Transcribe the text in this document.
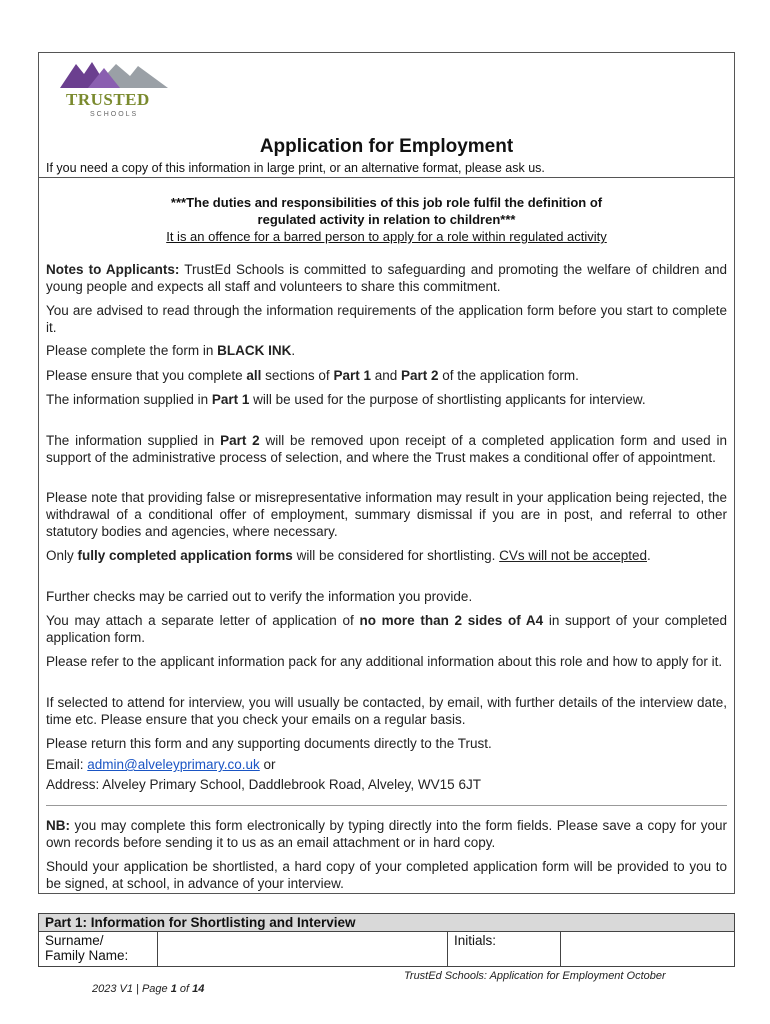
TRUSTED
SCHOOLS
Application for Employment
If you need a copy of this information in large print, or an alternative format, please ask us.
***The duties and responsibilities of this job role fulfil the definition of
regulated activity in relation to children***
It is an offence for a barred person to apply for a role within regulated activity
Notes to Applicants: TrustEd Schools is committed to safeguarding and promoting the welfare of children and young people and expects all staff and volunteers to share this commitment.
You are advised to read through the information requirements of the application form before you start to complete it.
Please complete the form in BLACK INK.
Please ensure that you complete all sections of Part 1 and Part 2 of the application form.
The information supplied in Part 1 will be used for the purpose of shortlisting applicants for interview.
The information supplied in Part 2 will be removed upon receipt of a completed application form and used in support of the administrative process of selection, and where the Trust makes a conditional offer of appointment.
Please note that providing false or misrepresentative information may result in your application being rejected, the withdrawal of a conditional offer of employment, summary dismissal if you are in post, and referral to other statutory bodies and agencies, where necessary.
Only fully completed application forms will be considered for shortlisting. CVs will not be accepted.
Further checks may be carried out to verify the information you provide.
You may attach a separate letter of application of no more than 2 sides of A4 in support of your completed application form.
Please refer to the applicant information pack for any additional information about this role and how to apply for it.
If selected to attend for interview, you will usually be contacted, by email, with further details of the interview date, time etc. Please ensure that you check your emails on a regular basis.
Please return this form and any supporting documents directly to the Trust.
Email: admin@alveleyprimary.co.uk or
Address: Alveley Primary School, Daddlebrook Road, Alveley, WV15 6JT
NB: you may complete this form electronically by typing directly into the form fields. Please save a copy for your own records before sending it to us as an email attachment or in hard copy.
Should your application be shortlisted, a hard copy of your completed application form will be provided to you to be signed, at school, in advance of your interview.
Part 1: Information for Shortlisting and Interview
Surname/
Family Name:		Initials:	
TrustEd Schools: Application for Employment October
2023 V1 | Page 1 of 14
